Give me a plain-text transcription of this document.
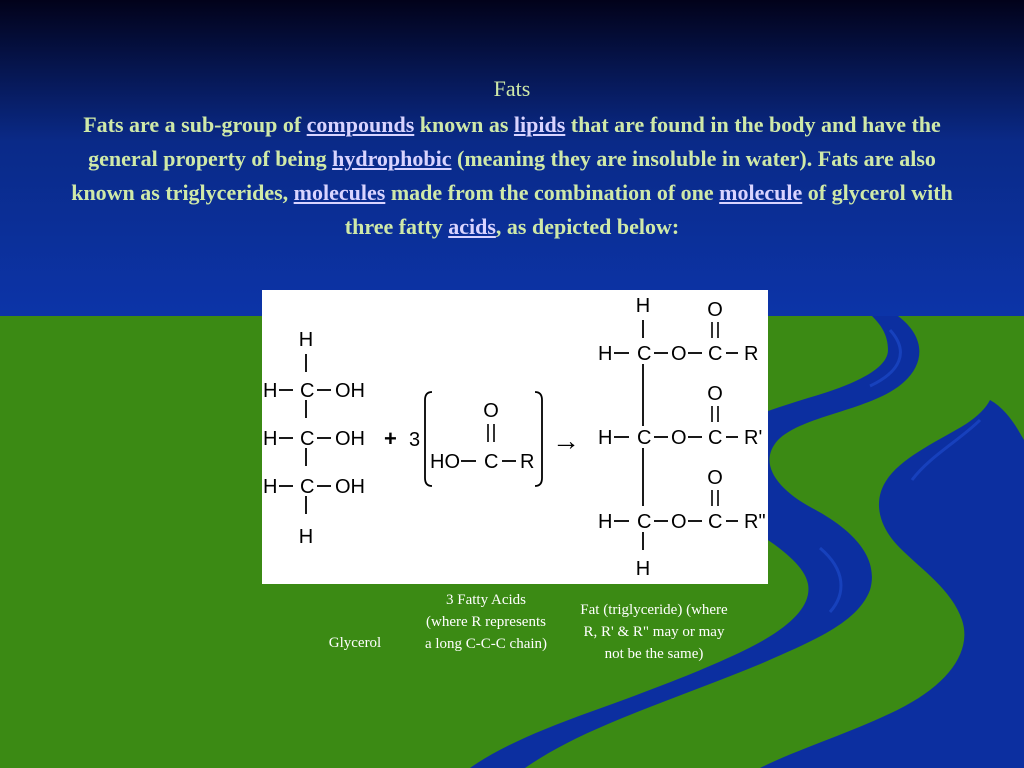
Fats
Fats are a sub-group of compounds known as lipids that are found in the body and have the general property of being hydrophobic (meaning they are insoluble in water). Fats are also known as triglycerides, molecules made from the combination of one molecule of glycerol with three fatty acids, as depicted below:
H
H
H C OH
H C OH
H C OH
+ 3
O
HO C R
→
H
H
H C O C R
O
H C O C R'
O
H C O C R"
O
Glycerol
3 Fatty Acids (where R represents a long C-C-C chain)
Fat (triglyceride) (where R, R' & R" may or may not be the same)
